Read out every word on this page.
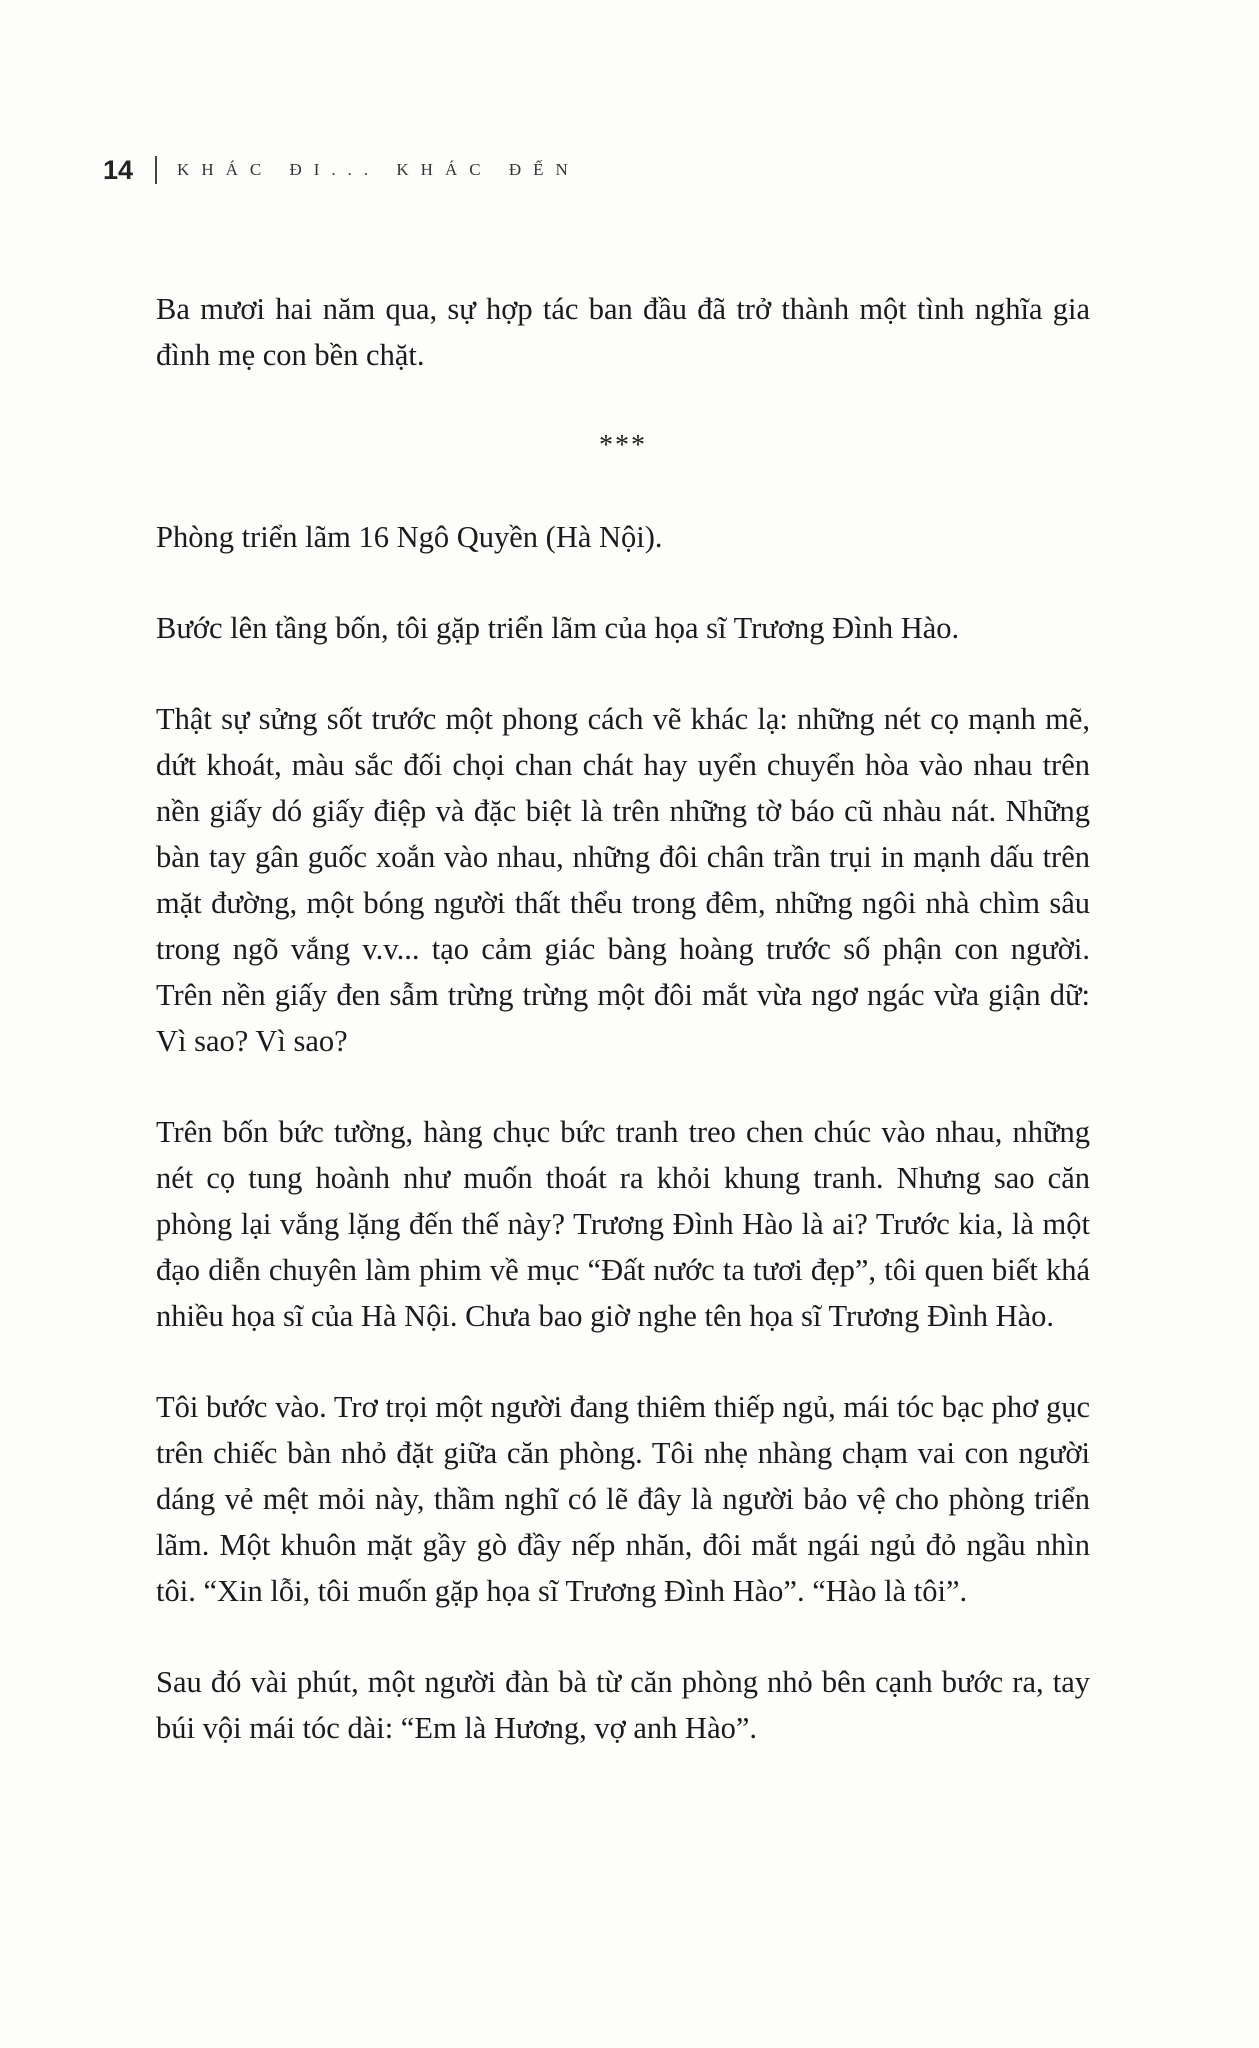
14	KHÁC ĐI... KHÁC ĐẾN

Ba mươi hai năm qua, sự hợp tác ban đầu đã trở thành một tình nghĩa gia đình mẹ con bền chặt.

***

Phòng triển lãm 16 Ngô Quyền (Hà Nội).

Bước lên tầng bốn, tôi gặp triển lãm của họa sĩ Trương Đình Hào.

Thật sự sửng sốt trước một phong cách vẽ khác lạ: những nét cọ mạnh mẽ, dứt khoát, màu sắc đối chọi chan chát hay uyển chuyển hòa vào nhau trên nền giấy dó giấy điệp và đặc biệt là trên những tờ báo cũ nhàu nát. Những bàn tay gân guốc xoắn vào nhau, những đôi chân trần trụi in mạnh dấu trên mặt đường, một bóng người thất thểu trong đêm, những ngôi nhà chìm sâu trong ngõ vắng v.v... tạo cảm giác bàng hoàng trước số phận con người. Trên nền giấy đen sẫm trừng trừng một đôi mắt vừa ngơ ngác vừa giận dữ: Vì sao? Vì sao?

Trên bốn bức tường, hàng chục bức tranh treo chen chúc vào nhau, những nét cọ tung hoành như muốn thoát ra khỏi khung tranh. Nhưng sao căn phòng lại vắng lặng đến thế này? Trương Đình Hào là ai? Trước kia, là một đạo diễn chuyên làm phim về mục “Đất nước ta tươi đẹp”, tôi quen biết khá nhiều họa sĩ của Hà Nội. Chưa bao giờ nghe tên họa sĩ Trương Đình Hào.

Tôi bước vào. Trơ trọi một người đang thiêm thiếp ngủ, mái tóc bạc phơ gục trên chiếc bàn nhỏ đặt giữa căn phòng. Tôi nhẹ nhàng chạm vai con người dáng vẻ mệt mỏi này, thầm nghĩ có lẽ đây là người bảo vệ cho phòng triển lãm. Một khuôn mặt gầy gò đầy nếp nhăn, đôi mắt ngái ngủ đỏ ngầu nhìn tôi. “Xin lỗi, tôi muốn gặp họa sĩ Trương Đình Hào”. “Hào là tôi”.

Sau đó vài phút, một người đàn bà từ căn phòng nhỏ bên cạnh bước ra, tay búi vội mái tóc dài: “Em là Hương, vợ anh Hào”.
